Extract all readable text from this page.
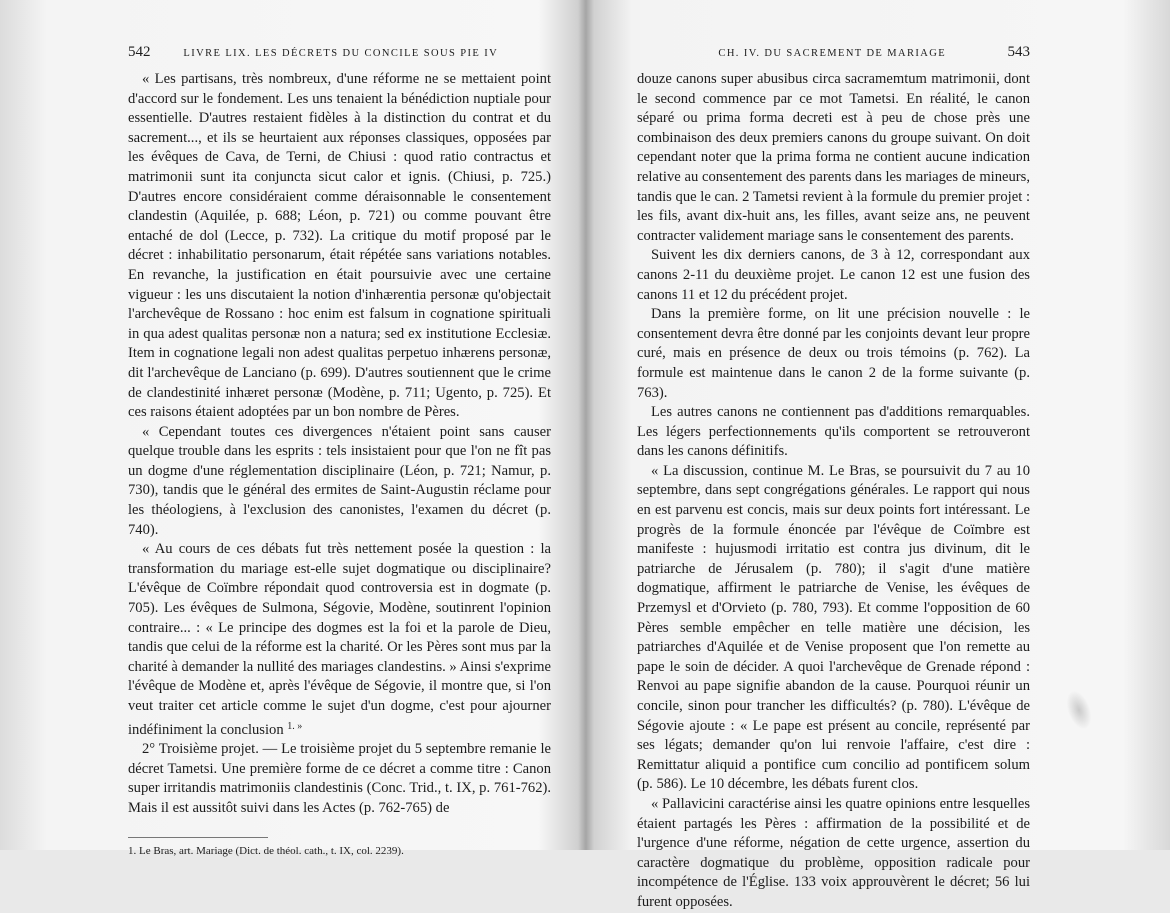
542	LIVRE LIX. LES DÉCRETS DU CONCILE SOUS PIE IV

« Les partisans, très nombreux, d'une réforme ne se mettaient point d'accord sur le fondement. Les uns tenaient la bénédiction nuptiale pour essentielle. D'autres restaient fidèles à la distinction du contrat et du sacrement..., et ils se heurtaient aux réponses classiques, opposées par les évêques de Cava, de Terni, de Chiusi : quod ratio contractus et matrimonii sunt ita conjuncta sicut calor et ignis. (Chiusi, p. 725.) D'autres encore considéraient comme déraisonnable le consentement clandestin (Aquilée, p. 688; Léon, p. 721) ou comme pouvant être entaché de dol (Lecce, p. 732). La critique du motif proposé par le décret : inhabilitatio personarum, était répétée sans variations notables. En revanche, la justification en était poursuivie avec une certaine vigueur : les uns discutaient la notion d'inhærentia personæ qu'objectait l'archevêque de Rossano : hoc enim est falsum in cognatione spirituali in qua adest qualitas personæ non a natura; sed ex institutione Ecclesiæ. Item in cognatione legali non adest qualitas perpetuo inhærens personæ, dit l'archevêque de Lanciano (p. 699). D'autres soutiennent que le crime de clandestinité inhæret personæ (Modène, p. 711; Ugento, p. 725). Et ces raisons étaient adoptées par un bon nombre de Pères.

« Cependant toutes ces divergences n'étaient point sans causer quelque trouble dans les esprits : tels insistaient pour que l'on ne fît pas un dogme d'une réglementation disciplinaire (Léon, p. 721; Namur, p. 730), tandis que le général des ermites de Saint-Augustin réclame pour les théologiens, à l'exclusion des canonistes, l'examen du décret (p. 740).

« Au cours de ces débats fut très nettement posée la question : la transformation du mariage est-elle sujet dogmatique ou disciplinaire? L'évêque de Coïmbre répondait quod controversia est in dogmate (p. 705). Les évêques de Sulmona, Ségovie, Modène, soutinrent l'opinion contraire... : « Le principe des dogmes est la foi et la parole de Dieu, tandis que celui de la réforme est la charité. Or les Pères sont mus par la charité à demander la nullité des mariages clandestins. » Ainsi s'exprime l'évêque de Modène et, après l'évêque de Ségovie, il montre que, si l'on veut traiter cet article comme le sujet d'un dogme, c'est pour ajourner indéfiniment la conclusion $^{1. »}$

2° Troisième projet. — Le troisième projet du 5 septembre remanie le décret Tametsi. Une première forme de ce décret a comme titre : Canon super irritandis matrimoniis clandestinis (Conc. Trid., t. IX, p. 761-762). Mais il est aussitôt suivi dans les Actes (p. 762-765) de

1. Le Bras, art. Mariage (Dict. de théol. cath., t. IX, col. 2239).
CH. IV. DU SACREMENT DE MARIAGE	543

douze canons super abusibus circa sacramemtum matrimonii, dont le second commence par ce mot Tametsi. En réalité, le canon séparé ou prima forma decreti est à peu de chose près une combinaison des deux premiers canons du groupe suivant. On doit cependant noter que la prima forma ne contient aucune indication relative au consentement des parents dans les mariages de mineurs, tandis que le can. 2 Tametsi revient à la formule du premier projet : les fils, avant dix-huit ans, les filles, avant seize ans, ne peuvent contracter validement mariage sans le consentement des parents.

Suivent les dix derniers canons, de 3 à 12, correspondant aux canons 2-11 du deuxième projet. Le canon 12 est une fusion des canons 11 et 12 du précédent projet.

Dans la première forme, on lit une précision nouvelle : le consentement devra être donné par les conjoints devant leur propre curé, mais en présence de deux ou trois témoins (p. 762). La formule est maintenue dans le canon 2 de la forme suivante (p. 763).

Les autres canons ne contiennent pas d'additions remarquables. Les légers perfectionnements qu'ils comportent se retrouveront dans les canons définitifs.

« La discussion, continue M. Le Bras, se poursuivit du 7 au 10 septembre, dans sept congrégations générales. Le rapport qui nous en est parvenu est concis, mais sur deux points fort intéressant. Le progrès de la formule énoncée par l'évêque de Coïmbre est manifeste : hujusmodi irritatio est contra jus divinum, dit le patriarche de Jérusalem (p. 780); il s'agit d'une matière dogmatique, affirment le patriarche de Venise, les évêques de Przemysl et d'Orvieto (p. 780, 793). Et comme l'opposition de 60 Pères semble empêcher en telle matière une décision, les patriarches d'Aquilée et de Venise proposent que l'on remette au pape le soin de décider. A quoi l'archevêque de Grenade répond : Renvoi au pape signifie abandon de la cause. Pourquoi réunir un concile, sinon pour trancher les difficultés? (p. 780). L'évêque de Ségovie ajoute : « Le pape est présent au concile, représenté par ses légats; demander qu'on lui renvoie l'affaire, c'est dire : Remittatur aliquid a pontifice cum concilio ad pontificem solum (p. 586). Le 10 décembre, les débats furent clos.

« Pallavicini caractérise ainsi les quatre opinions entre lesquelles étaient partagés les Pères : affirmation de la possibilité et de l'urgence d'une réforme, négation de cette urgence, assertion du caractère dogmatique du problème, opposition radicale pour incompétence de l'Église. 133 voix approuvèrent le décret; 56 lui furent opposées.
